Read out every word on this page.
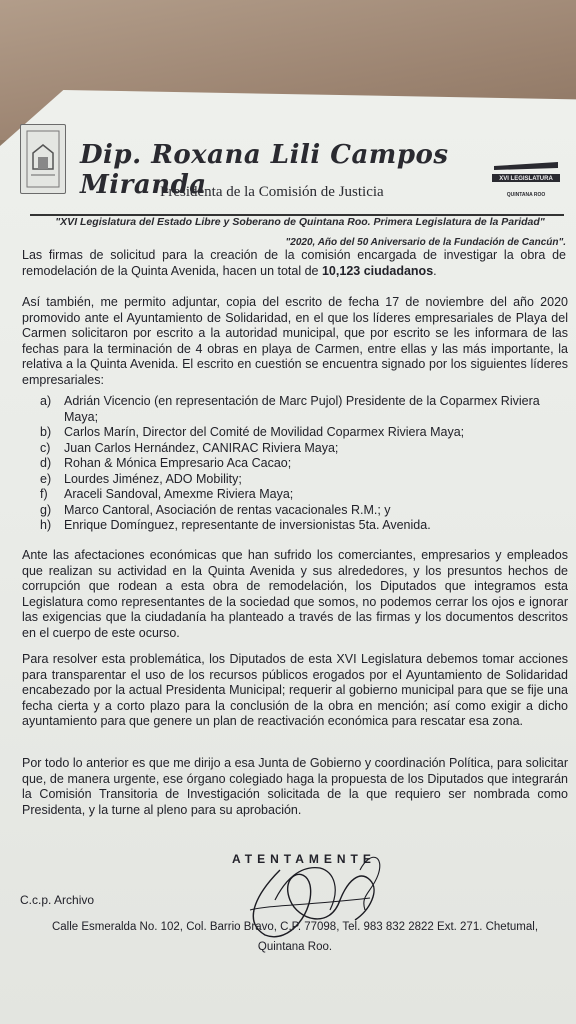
Dip. Roxana Lili Campos Miranda
Presidenta de la Comisión de Justicia
XVI LEGISLATURA
QUINTANA ROO
"XVI Legislatura del Estado Libre y Soberano de Quintana Roo. Primera Legislatura de la Paridad"
"2020, Año del 50 Aniversario de la Fundación de Cancún".

Las firmas de solicitud para la creación de la comisión encargada de investigar la obra de remodelación de la Quinta Avenida, hacen un total de 10,123 ciudadanos.

Así también, me permito adjuntar, copia del escrito de fecha 17 de noviembre del año 2020 promovido ante el Ayuntamiento de Solidaridad, en el que los líderes empresariales de Playa del Carmen solicitaron por escrito a la autoridad municipal, que por escrito se les informara de las fechas para la terminación de 4 obras en playa de Carmen, entre ellas y las más importante, la relativa a la Quinta Avenida. El escrito en cuestión se encuentra signado por los siguientes líderes empresariales:

a)	Adrián Vicencio (en representación de Marc Pujol) Presidente de la Coparmex Riviera Maya;
b)	Carlos Marín, Director del Comité de Movilidad Coparmex Riviera Maya;
c)	Juan Carlos Hernández, CANIRAC Riviera Maya;
d)	Rohan & Mónica Empresario Aca Cacao;
e)	Lourdes Jiménez, ADO Mobility;
f)	Araceli Sandoval, Amexme Riviera Maya;
g)	Marco Cantoral, Asociación de rentas vacacionales R.M.; y
h)	Enrique Domínguez, representante de inversionistas 5ta. Avenida.

Ante las afectaciones económicas que han sufrido los comerciantes, empresarios y empleados que realizan su actividad en la Quinta Avenida y sus alrededores, y los presuntos hechos de corrupción que rodean a esta obra de remodelación, los Diputados que integramos esta Legislatura como representantes de la sociedad que somos, no podemos cerrar los ojos e ignorar las exigencias que la ciudadanía ha planteado a través de las firmas y los documentos descritos en el cuerpo de este ocurso.

Para resolver esta problemática, los Diputados de esta XVI Legislatura debemos tomar acciones para transparentar el uso de los recursos públicos erogados por el Ayuntamiento de Solidaridad encabezado por la actual Presidenta Municipal; requerir al gobierno municipal para que se fije una fecha cierta y a corto plazo para la conclusión de la obra en mención; así como exigir a dicho ayuntamiento para que genere un plan de reactivación económica para rescatar esa zona.

Por todo lo anterior es que me dirijo a esa Junta de Gobierno y coordinación Política, para solicitar que, de manera urgente, ese órgano colegiado haga la propuesta de los Diputados que integrarán la Comisión Transitoria de Investigación solicitada de la que requiero ser nombrada como Presidenta, y la turne al pleno para su aprobación.

ATENTAMENTE
C.c.p. Archivo
Calle Esmeralda No. 102, Col. Barrio Bravo, C.P. 77098, Tel. 983 832 2822 Ext. 271. Chetumal,
Quintana Roo.
